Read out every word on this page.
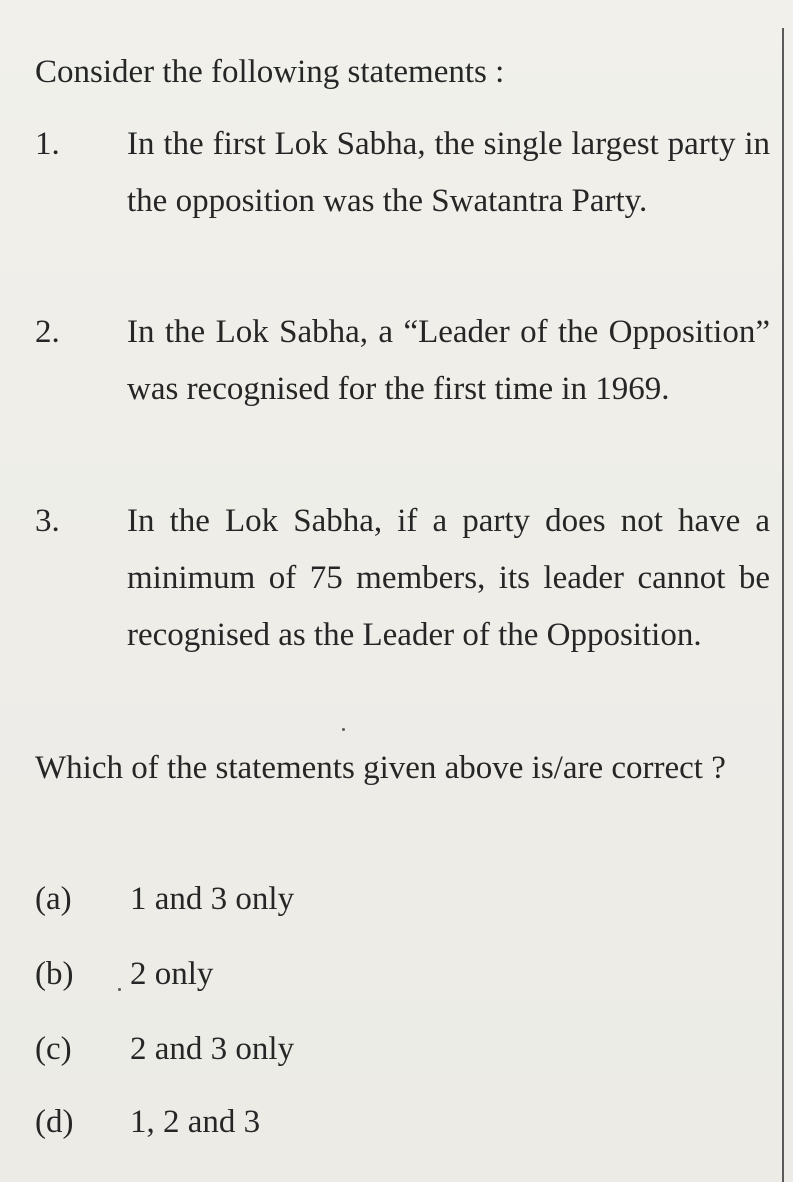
Consider the following statements :
1. In the first Lok Sabha, the single largest party in the opposition was the Swatantra Party.
2. In the Lok Sabha, a “Leader of the Opposition” was recognised for the first time in 1969.
3. In the Lok Sabha, if a party does not have a minimum of 75 members, its leader cannot be recognised as the Leader of the Opposition.
Which of the statements given above is/are correct ?
(a) 1 and 3 only
(b) 2 only
(c) 2 and 3 only
(d) 1, 2 and 3
